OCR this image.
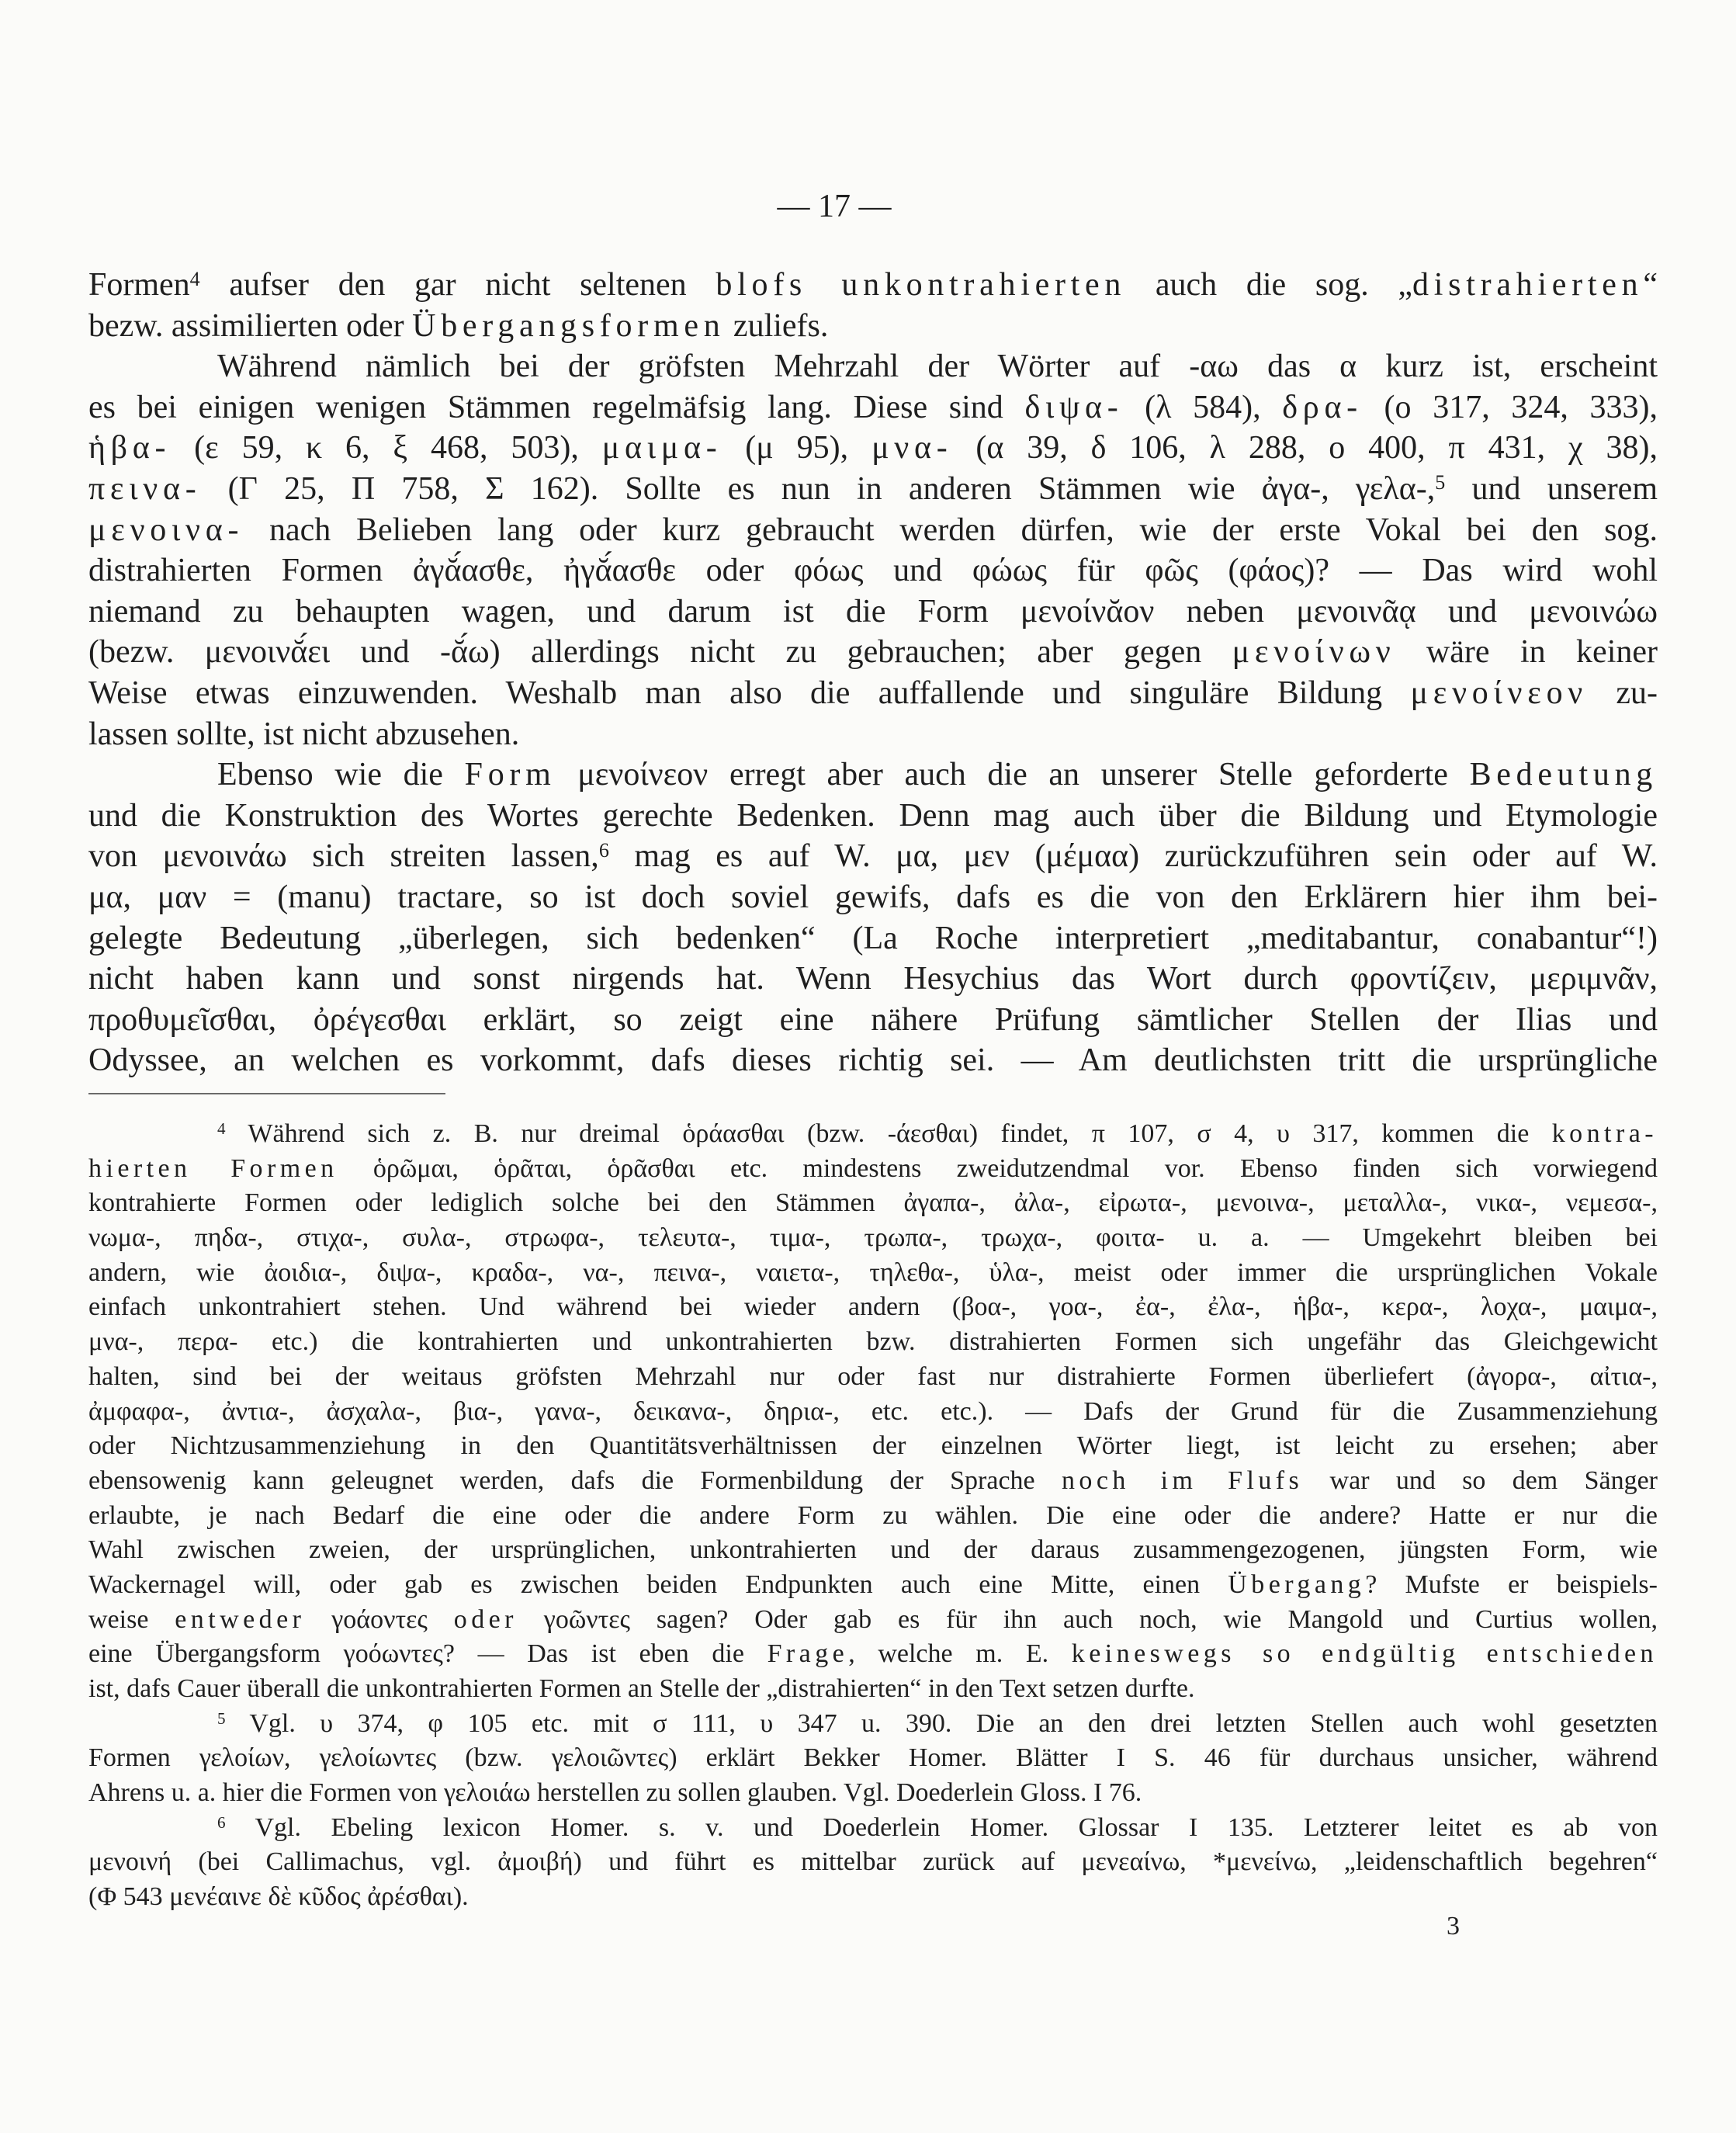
— 17 —
Formen$^4$ aufser den gar nicht seltenen blofs unkontrahierten auch die sog. „distrahierten“
bezw. assimilierten oder Übergangsformen zuliefs.
Während nämlich bei der gröfsten Mehrzahl der Wörter auf -αω das α kurz ist, erscheint
es bei einigen wenigen Stämmen regelmäfsig lang. Diese sind διψα- (λ 584), δρα- (ο 317, 324, 333),
ἡβα- (ε 59, κ 6, ξ 468, 503), μαιμα- (μ 95), μνα- (α 39, δ 106, λ 288, ο 400, π 431, χ 38),
πεινα- (Γ 25, Π 758, Σ 162). Sollte es nun in anderen Stämmen wie ἀγα-, γελα-,$^5$ und unserem
μενοινα- nach Belieben lang oder kurz gebraucht werden dürfen, wie der erste Vokal bei den sog.
distrahierten Formen ἀγᾰ́ασθε, ἠγᾰ́ασθε oder φόως und φώως für φῶς (φάος)? — Das wird wohl
niemand zu behaupten wagen, und darum ist die Form μενοίνᾰον neben μενοινᾶᾳ und μενοινώω
(bezw. μενοινᾰ́ει und -ᾰ́ω) allerdings nicht zu gebrauchen; aber gegen μενοίνων wäre in keiner
Weise etwas einzuwenden. Weshalb man also die auffallende und singuläre Bildung μενοίνεον zu-
lassen sollte, ist nicht abzusehen.
Ebenso wie die Form μενοίνεον erregt aber auch die an unserer Stelle geforderte Bedeutung
und die Konstruktion des Wortes gerechte Bedenken. Denn mag auch über die Bildung und Etymologie
von μενοινάω sich streiten lassen,$^6$ mag es auf W. μα, μεν (μέμαα) zurückzuführen sein oder auf W.
μα, μαν = (manu) tractare, so ist doch soviel gewifs, dafs es die von den Erklärern hier ihm bei-
gelegte Bedeutung „überlegen, sich bedenken“ (La Roche interpretiert „meditabantur, conabantur“!)
nicht haben kann und sonst nirgends hat. Wenn Hesychius das Wort durch φροντίζειν, μεριμνᾶν,
προθυμεῖσθαι, ὀρέγεσθαι erklärt, so zeigt eine nähere Prüfung sämtlicher Stellen der Ilias und
Odyssee, an welchen es vorkommt, dafs dieses richtig sei. — Am deutlichsten tritt die ursprüngliche
$^4$ Während sich z. B. nur dreimal ὁράασθαι (bzw. -άεσθαι) findet, π 107, σ 4, υ 317, kommen die kontra-
hierten Formen ὁρῶμαι, ὁρᾶται, ὁρᾶσθαι etc. mindestens zweidutzendmal vor. Ebenso finden sich vorwiegend
kontrahierte Formen oder lediglich solche bei den Stämmen ἀγαπα-, ἀλα-, εἰρωτα-, μενοινα-, μεταλλα-, νικα-, νεμεσα-,
νωμα-, πηδα-, στιχα-, συλα-, στρωφα-, τελευτα-, τιμα-, τρωπα-, τρωχα-, φοιτα- u. a. — Umgekehrt bleiben bei
andern, wie ἀοιδια-, διψα-, κραδα-, να-, πεινα-, ναιετα-, τηλεθα-, ὑλα-, meist oder immer die ursprünglichen Vokale
einfach unkontrahiert stehen. Und während bei wieder andern (βοα-, γοα-, ἐα-, ἐλα-, ἡβα-, κερα-, λοχα-, μαιμα-,
μνα-, περα- etc.) die kontrahierten und unkontrahierten bzw. distrahierten Formen sich ungefähr das Gleichgewicht
halten, sind bei der weitaus gröfsten Mehrzahl nur oder fast nur distrahierte Formen überliefert (ἀγορα-, αἰτια-,
ἀμφαφα-, ἀντια-, ἀσχαλα-, βια-, γανα-, δεικανα-, δηρια-, etc. etc.). — Dafs der Grund für die Zusammenziehung
oder Nichtzusammenziehung in den Quantitätsverhältnissen der einzelnen Wörter liegt, ist leicht zu ersehen; aber
ebensowenig kann geleugnet werden, dafs die Formenbildung der Sprache noch im Flufs war und so dem Sänger
erlaubte, je nach Bedarf die eine oder die andere Form zu wählen. Die eine oder die andere? Hatte er nur die
Wahl zwischen zweien, der ursprünglichen, unkontrahierten und der daraus zusammengezogenen, jüngsten Form, wie
Wackernagel will, oder gab es zwischen beiden Endpunkten auch eine Mitte, einen Übergang? Mufste er beispiels-
weise entweder γοάοντες oder γοῶντες sagen? Oder gab es für ihn auch noch, wie Mangold und Curtius wollen,
eine Übergangsform γοόωντες? — Das ist eben die Frage, welche m. E. keineswegs so endgültig entschieden
ist, dafs Cauer überall die unkontrahierten Formen an Stelle der „distrahierten“ in den Text setzen durfte.
$^5$ Vgl. υ 374, φ 105 etc. mit σ 111, υ 347 u. 390. Die an den drei letzten Stellen auch wohl gesetzten
Formen γελοίων, γελοίωντες (bzw. γελοιῶντες) erklärt Bekker Homer. Blätter I S. 46 für durchaus unsicher, während
Ahrens u. a. hier die Formen von γελοιάω herstellen zu sollen glauben. Vgl. Doederlein Gloss. I 76.
$^6$ Vgl. Ebeling lexicon Homer. s. v. und Doederlein Homer. Glossar I 135. Letzterer leitet es ab von
μενοινή (bei Callimachus, vgl. ἀμοιβή) und führt es mittelbar zurück auf μενεαίνω, *μενείνω, „leidenschaftlich begehren“
(Φ 543 μενέαινε δὲ κῦδος ἀρέσθαι).
3
